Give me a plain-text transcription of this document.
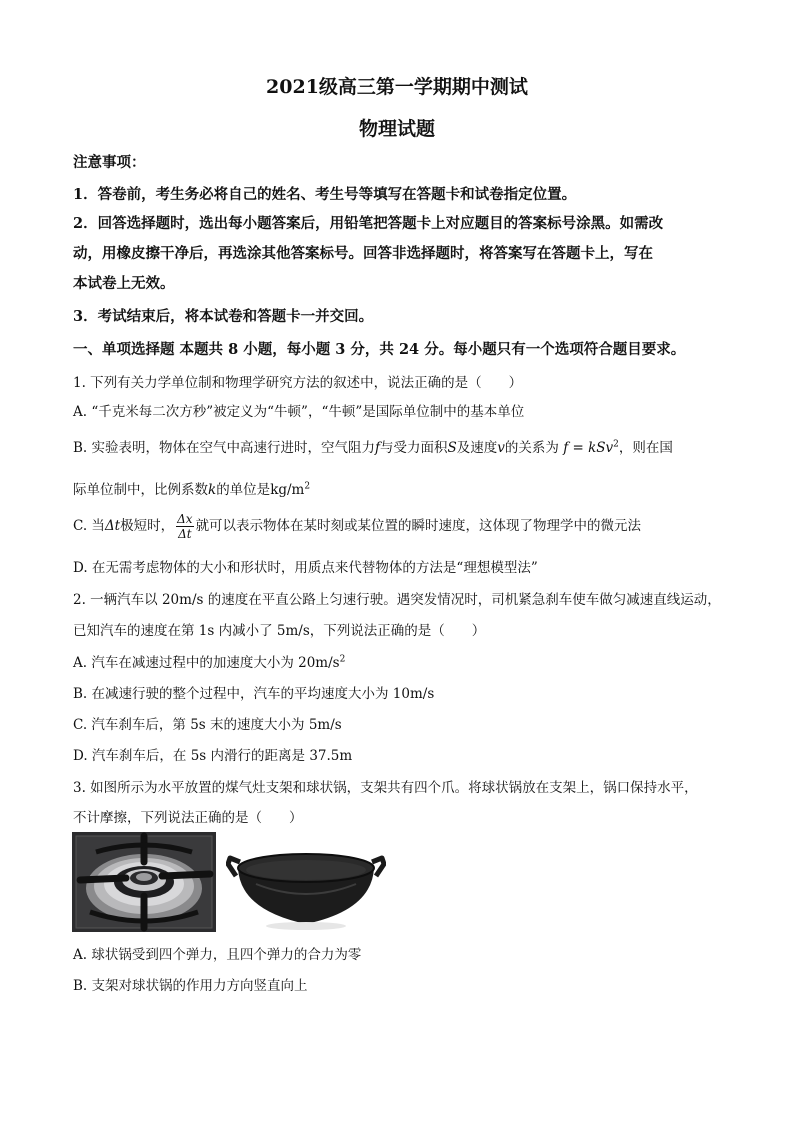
2021级高三第一学期期中测试
物理试题
注意事项：
1．答卷前，考生务必将自己的姓名、考生号等填写在答题卡和试卷指定位置。
2．回答选择题时，选出每小题答案后，用铅笔把答题卡上对应题目的答案标号涂黑。如需改
动，用橡皮擦干净后，再选涂其他答案标号。回答非选择题时，将答案写在答题卡上，写在
本试卷上无效。
3．考试结束后，将本试卷和答题卡一并交回。
一、单项选择题 本题共 8 小题，每小题 3 分，共 24 分。每小题只有一个选项符合题目要求。
1. 下列有关力学单位制和物理学研究方法的叙述中，说法正确的是（　　）
A. “千克米每二次方秒”被定义为“牛顿”，“牛顿”是国际单位制中的基本单位
B. 实验表明，物体在空气中高速行进时，空气阻力f与受力面积S及速度v的关系为 f = kSv$^2$，则在国
际单位制中，比例系数k的单位是$kg/m^2$
C. 当Δt极短时， $\frac{\Delta x}{\Delta t}$ 就可以表示物体在某时刻或某位置的瞬时速度，这体现了物理学中的微元法
D. 在无需考虑物体的大小和形状时，用质点来代替物体的方法是“理想模型法”
2. 一辆汽车以 20m/s 的速度在平直公路上匀速行驶。遇突发情况时，司机紧急刹车使车做匀减速直线运动，
已知汽车的速度在第 1s 内减小了 5m/s，下列说法正确的是（　　）
A. 汽车在减速过程中的加速度大小为 $20m/s^2$
B. 在减速行驶的整个过程中，汽车的平均速度大小为 10m/s
C. 汽车刹车后，第 5s 末的速度大小为 5m/s
D. 汽车刹车后，在 5s 内滑行的距离是 37.5m
3. 如图所示为水平放置的煤气灶支架和球状锅，支架共有四个爪。将球状锅放在支架上，锅口保持水平，
不计摩擦，下列说法正确的是（　　）
A. 球状锅受到四个弹力，且四个弹力的合力为零
B. 支架对球状锅的作用力方向竖直向上
